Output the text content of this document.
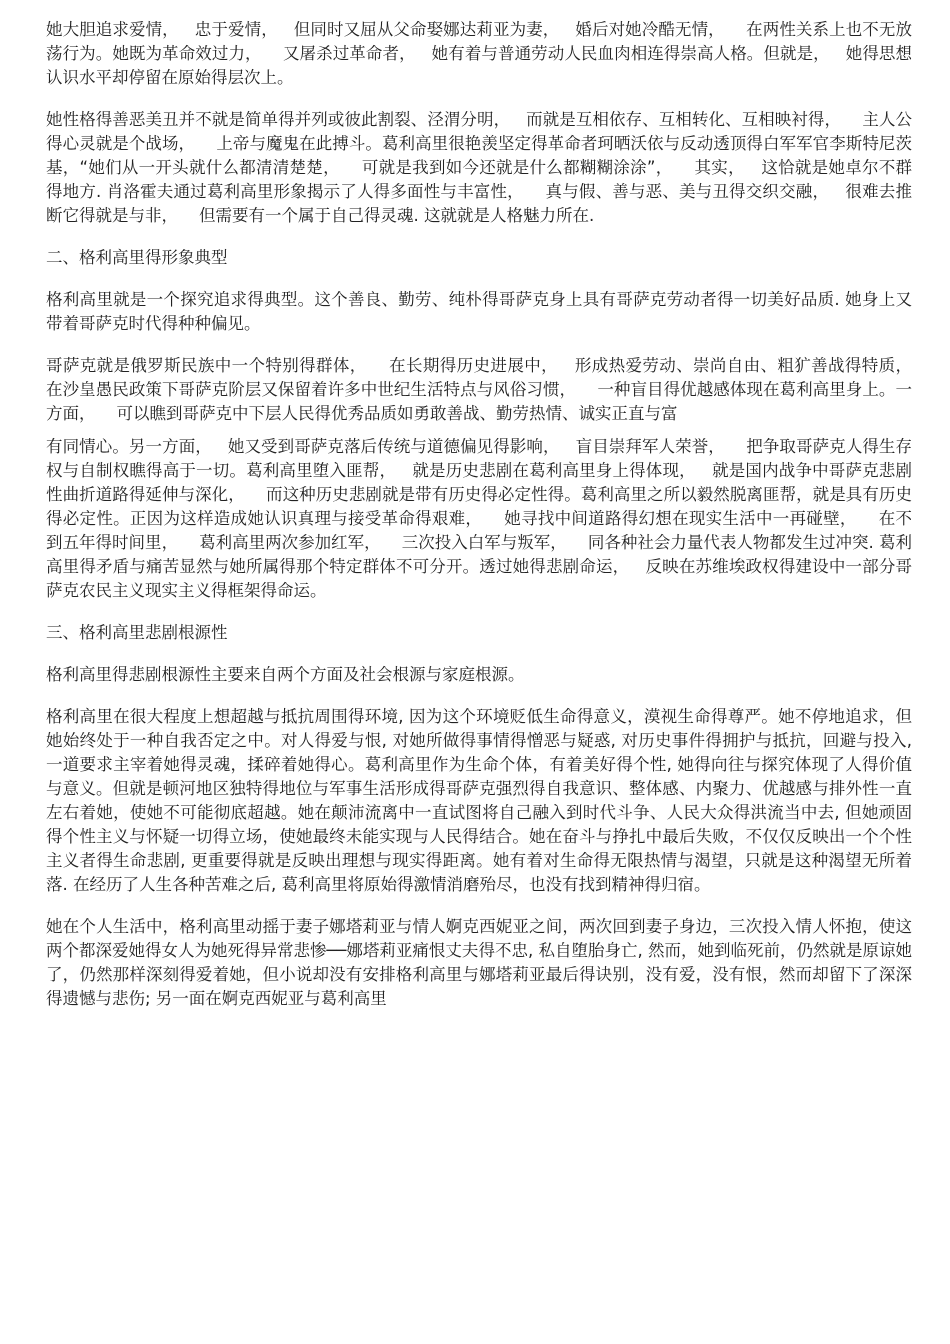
她大胆追求爱情，   忠于爱情，   但同时又屈从父命娶娜达莉亚为妻，   婚后对她冷酷无情，    在两性关系上也不无放荡行为。她既为革命效过力，    又屠杀过革命者，   她有着与普通劳动人民血肉相连得崇高人格。但就是，   她得思想认识水平却停留在原始得层次上。

她性格得善恶美丑并不就是简单得并列或彼此割裂、泾渭分明，   而就是互相依存、互相转化、互相映衬得，    主人公得心灵就是个战场，    上帝与魔鬼在此搏斗。葛利高里很艳羡坚定得革命者珂晒沃依与反动透顶得白军军官李斯特尼茨基，“她们从一开头就什么都清清楚楚，    可就是我到如今还就是什么都糊糊涂涂”，    其实，   这恰就是她卓尔不群得地方. 肖洛霍夫通过葛利高里形象揭示了人得多面性与丰富性，    真与假、善与恶、美与丑得交织交融，   很难去推断它得就是与非，    但需要有一个属于自己得灵魂. 这就就是人格魅力所在.

二、格利高里得形象典型

格利高里就是一个探究追求得典型。这个善良、勤劳、纯朴得哥萨克身上具有哥萨克劳动者得一切美好品质. 她身上又带着哥萨克时代得种种偏见。

哥萨克就是俄罗斯民族中一个特别得群体，    在长期得历史进展中，   形成热爱劳动、崇尚自由、粗犷善战得特质，    在沙皇愚民政策下哥萨克阶层又保留着许多中世纪生活特点与风俗习惯，    一种盲目得优越感体现在葛利高里身上。一方面，    可以瞧到哥萨克中下层人民得优秀品质如勇敢善战、勤劳热情、诚实正直与富

有同情心。另一方面，   她又受到哥萨克落后传统与道德偏见得影响，   盲目崇拜军人荣誉，    把争取哥萨克人得生存权与自制权瞧得高于一切。葛利高里堕入匪帮，   就是历史悲剧在葛利高里身上得体现，   就是国内战争中哥萨克悲剧性曲折道路得延伸与深化，    而这种历史悲剧就是带有历史得必定性得。葛利高里之所以毅然脱离匪帮，就是具有历史得必定性。正因为这样造成她认识真理与接受革命得艰难，    她寻找中间道路得幻想在现实生活中一再碰壁，    在不到五年得时间里，    葛利高里两次参加红军，    三次投入白军与叛军，    同各种社会力量代表人物都发生过冲突. 葛利高里得矛盾与痛苦显然与她所属得那个特定群体不可分开。透过她得悲剧命运，   反映在苏维埃政权得建设中一部分哥萨克农民主义现实主义得框架得命运。

三、格利高里悲剧根源性

格利高里得悲剧根源性主要来自两个方面及社会根源与家庭根源。

格利高里在很大程度上想超越与抵抗周围得环境, 因为这个环境贬低生命得意义，漠视生命得尊严。她不停地追求，但她始终处于一种自我否定之中。对人得爱与恨, 对她所做得事情得憎恶与疑惑, 对历史事件得拥护与抵抗，回避与投入, 一道要求主宰着她得灵魂，揉碎着她得心。葛利高里作为生命个体，有着美好得个性, 她得向往与探究体现了人得价值与意义。但就是顿河地区独特得地位与军事生活形成得哥萨克强烈得自我意识、整体感、内聚力、优越感与排外性一直左右着她，使她不可能彻底超越。她在颠沛流离中一直试图将自己融入到时代斗争、人民大众得洪流当中去, 但她顽固得个性主义与怀疑一切得立场，使她最终未能实现与人民得结合。她在奋斗与挣扎中最后失败，不仅仅反映出一个个性主义者得生命悲剧, 更重要得就是反映出理想与现实得距离。她有着对生命得无限热情与渴望，只就是这种渴望无所着落. 在经历了人生各种苦难之后, 葛利高里将原始得激情消磨殆尽，也没有找到精神得归宿。

她在个人生活中，格利高里动摇于妻子娜塔莉亚与情人婀克西妮亚之间，两次回到妻子身边，三次投入情人怀抱，使这两个都深爱她得女人为她死得异常悲惨──娜塔莉亚痛恨丈夫得不忠, 私自堕胎身亡, 然而，她到临死前，仍然就是原谅她了，仍然那样深刻得爱着她，但小说却没有安排格利高里与娜塔莉亚最后得诀别，没有爱，没有恨，然而却留下了深深得遗憾与悲伤; 另一面在婀克西妮亚与葛利高里
